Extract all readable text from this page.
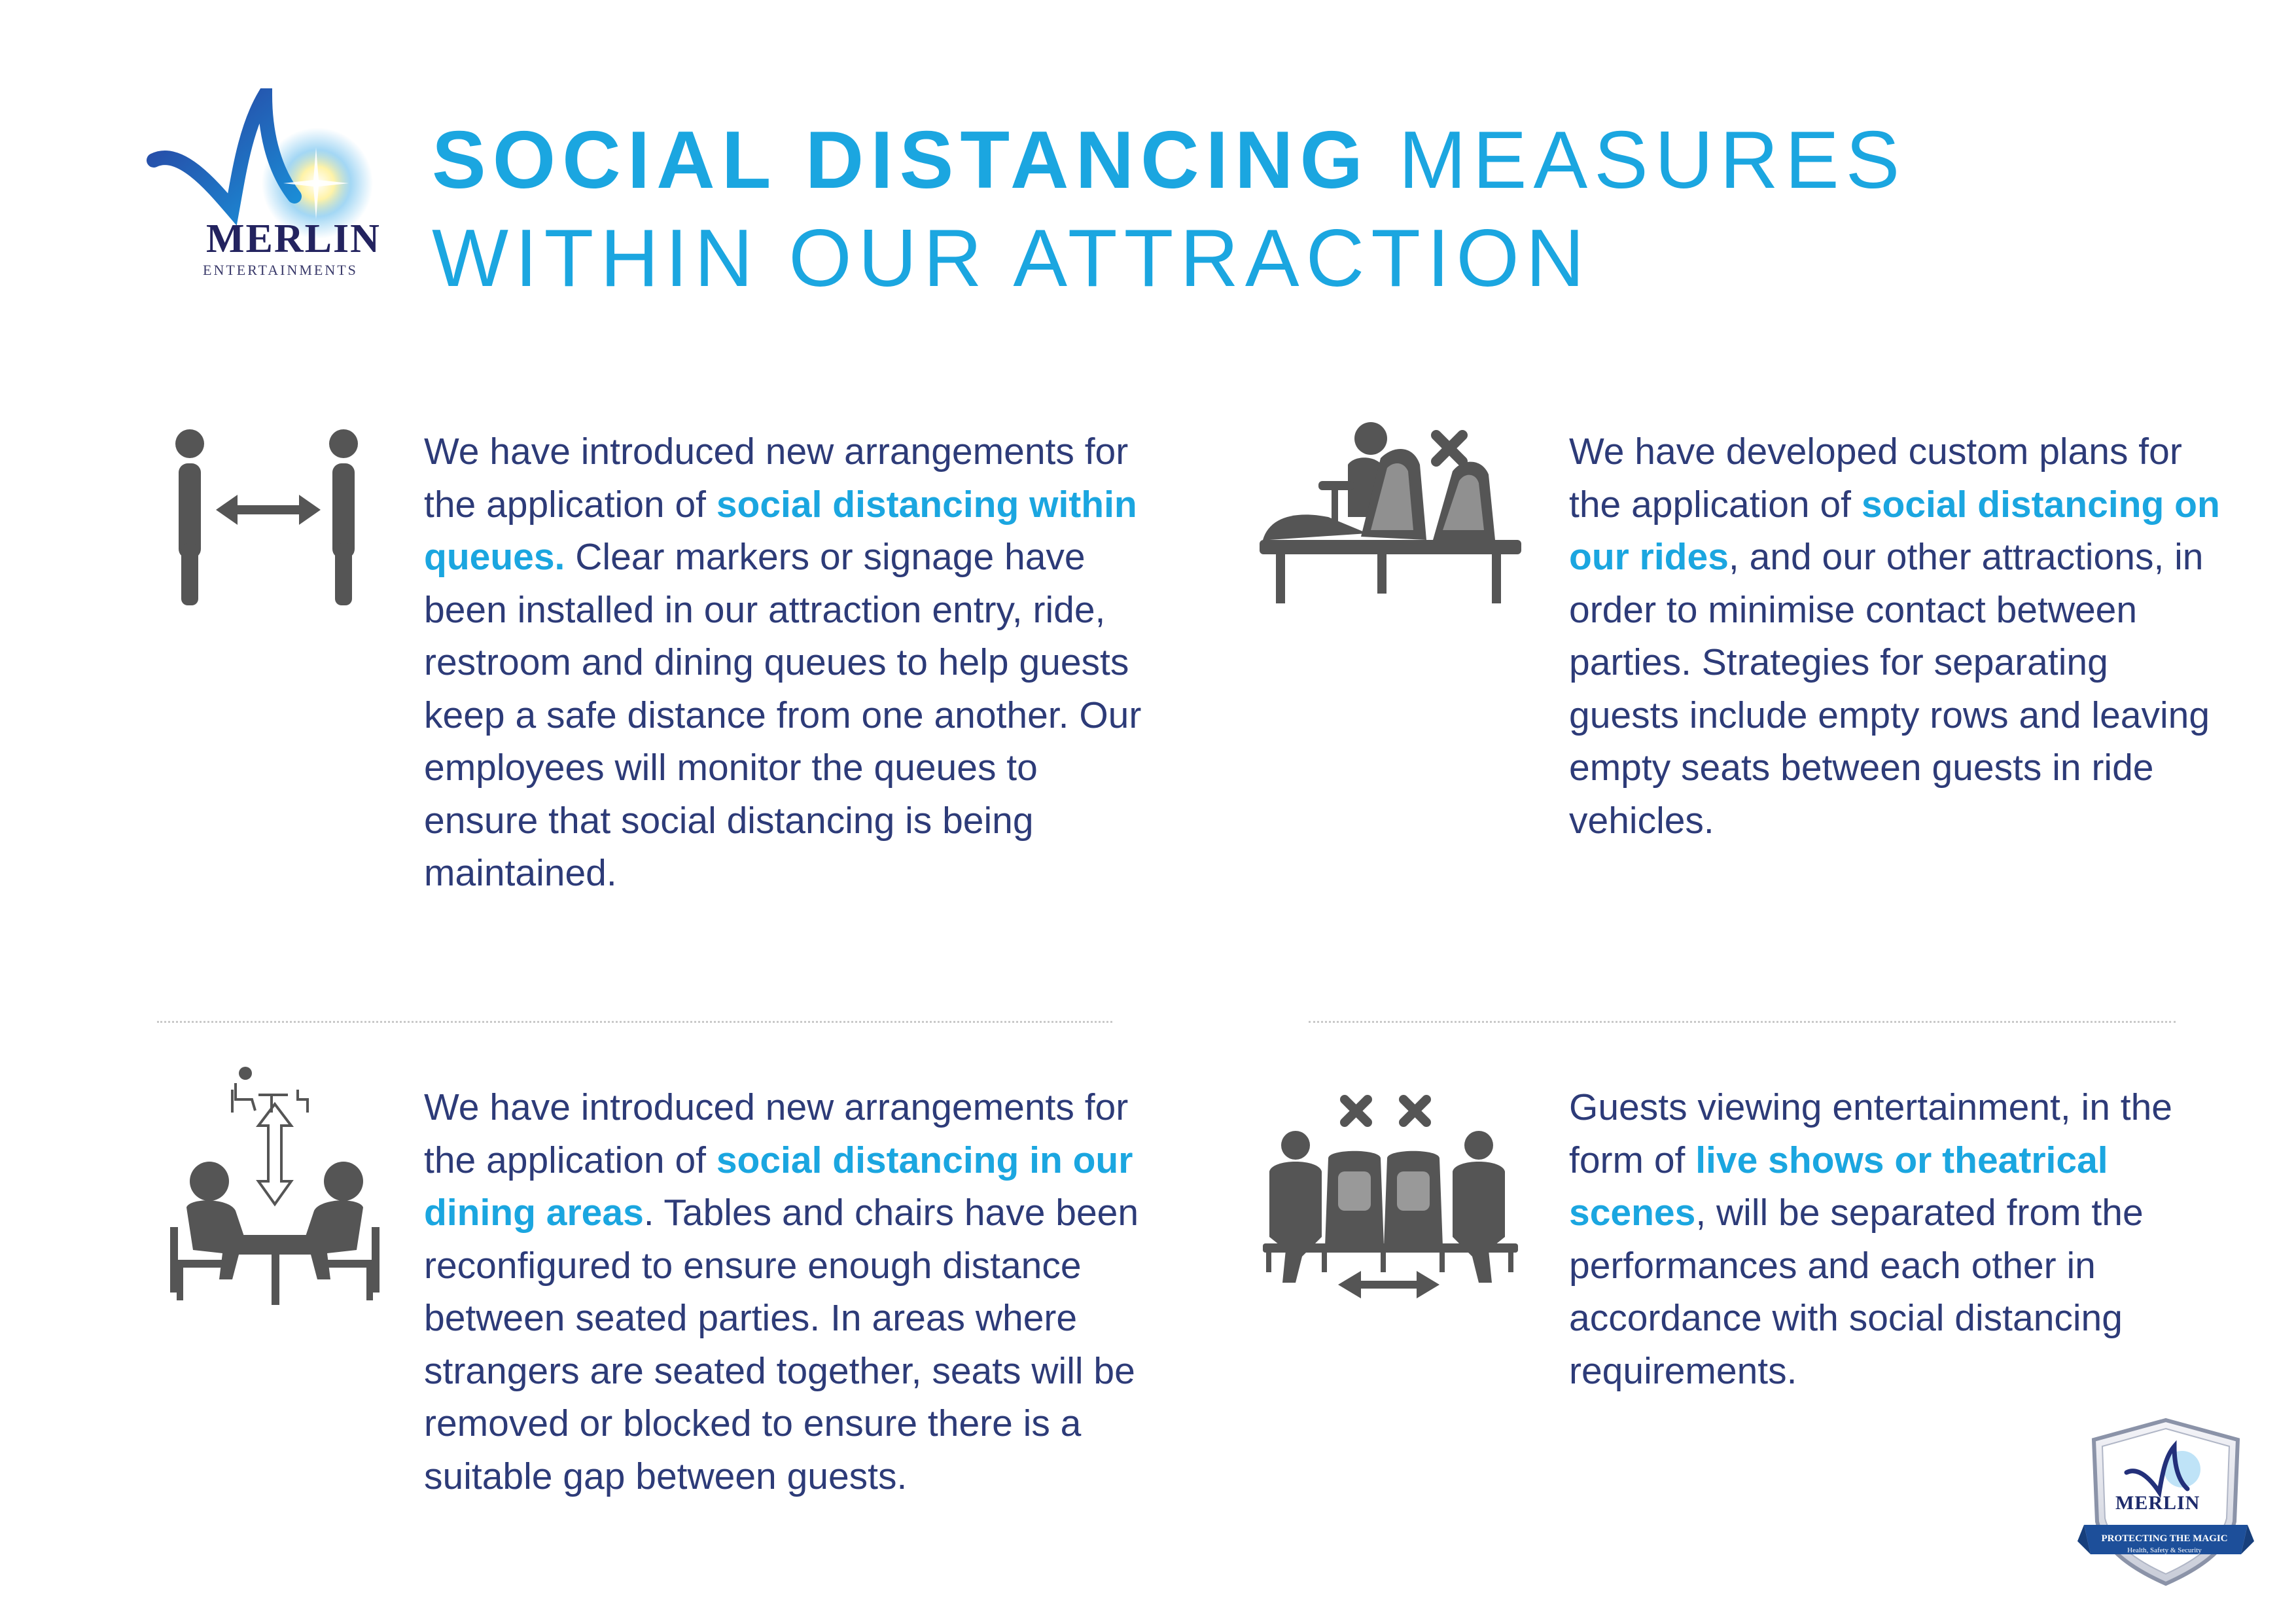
MERLIN
ENTERTAINMENTS
SOCIAL DISTANCING MEASURES
WITHIN OUR ATTRACTION
We have introduced new arrangements for the application of social distancing within queues. Clear markers or signage have been installed in our attraction entry, ride, restroom and dining queues to help guests keep a safe distance from one another. Our employees will monitor the queues to ensure that social distancing is being maintained.
We have developed custom plans for the application of social distancing on our rides, and our other attractions, in order to minimise contact between parties. Strategies for separating guests include empty rows and leaving empty seats between guests in ride vehicles.
We have introduced new arrangements for the application of social distancing in our dining areas. Tables and chairs have been reconfigured to ensure enough distance between seated parties. In areas where strangers are seated together, seats will be removed or blocked to ensure there is a suitable gap between guests.
Guests viewing entertainment, in the form of live shows or theatrical scenes, will be separated from the performances and each other in accordance with social distancing requirements.
MERLIN
PROTECTING THE MAGIC
Health, Safety & Security
